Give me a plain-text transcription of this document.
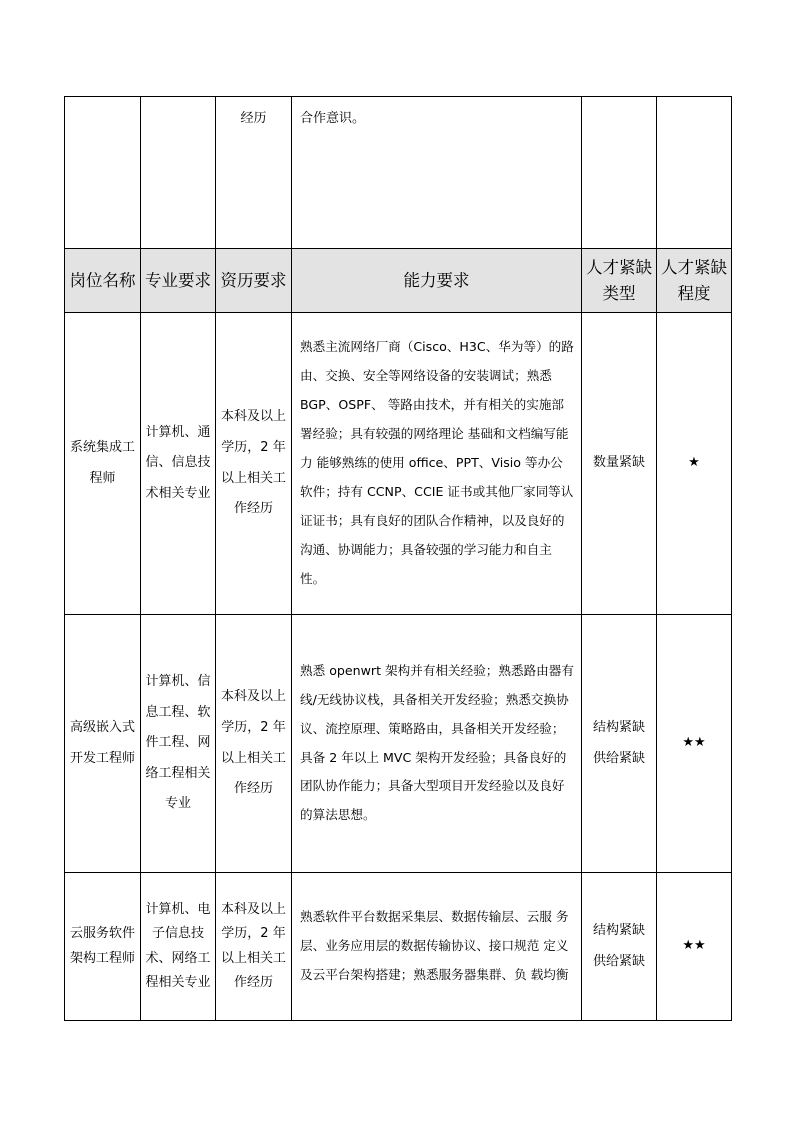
		经历	合作意识。		

岗位名称	专业要求	资历要求	能力要求	人才紧缺类型	人才紧缺程度

系统集成工程师	计算机、通信、信息技术相关专业	本科及以上学历，2 年以上相关工作经历	熟悉主流网络厂商（Cisco、H3C、华为等）的路由、交换、安全等网络设备的安装调试；熟悉 BGP、OSPF、 等路由技术，并有相关的实施部署经验；具有较强的网络理论 基础和文档编写能力 能够熟练的使用 office、PPT、Visio 等办公软件；持有 CCNP、CCIE 证书或其他厂家同等认证证书；具有良好的团队合作精神，以及良好的沟通、协调能力；具备较强的学习能力和自主性。	数量紧缺	★

高级嵌入式开发工程师	计算机、信息工程、软件工程、网络工程相关专业	本科及以上学历，2 年以上相关工作经历	熟悉 openwrt 架构并有相关经验；熟悉路由器有线/无线协议栈，具备相关开发经验；熟悉交换协议、流控原理、策略路由，具备相关开发经验；具备 2 年以上 MVC 架构开发经验；具备良好的团队协作能力；具备大型项目开发经验以及良好的算法思想。	结构紧缺 供给紧缺	★★

云服务软件架构工程师	计算机、电子信息技术、网络工程相关专业	本科及以上学历，2 年以上相关工作经历	熟悉软件平台数据采集层、数据传输层、云服 务层、业务应用层的数据传输协议、接口规范 定义及云平台架构搭建；熟悉服务器集群、负 载均衡	结构紧缺 供给紧缺	★★
